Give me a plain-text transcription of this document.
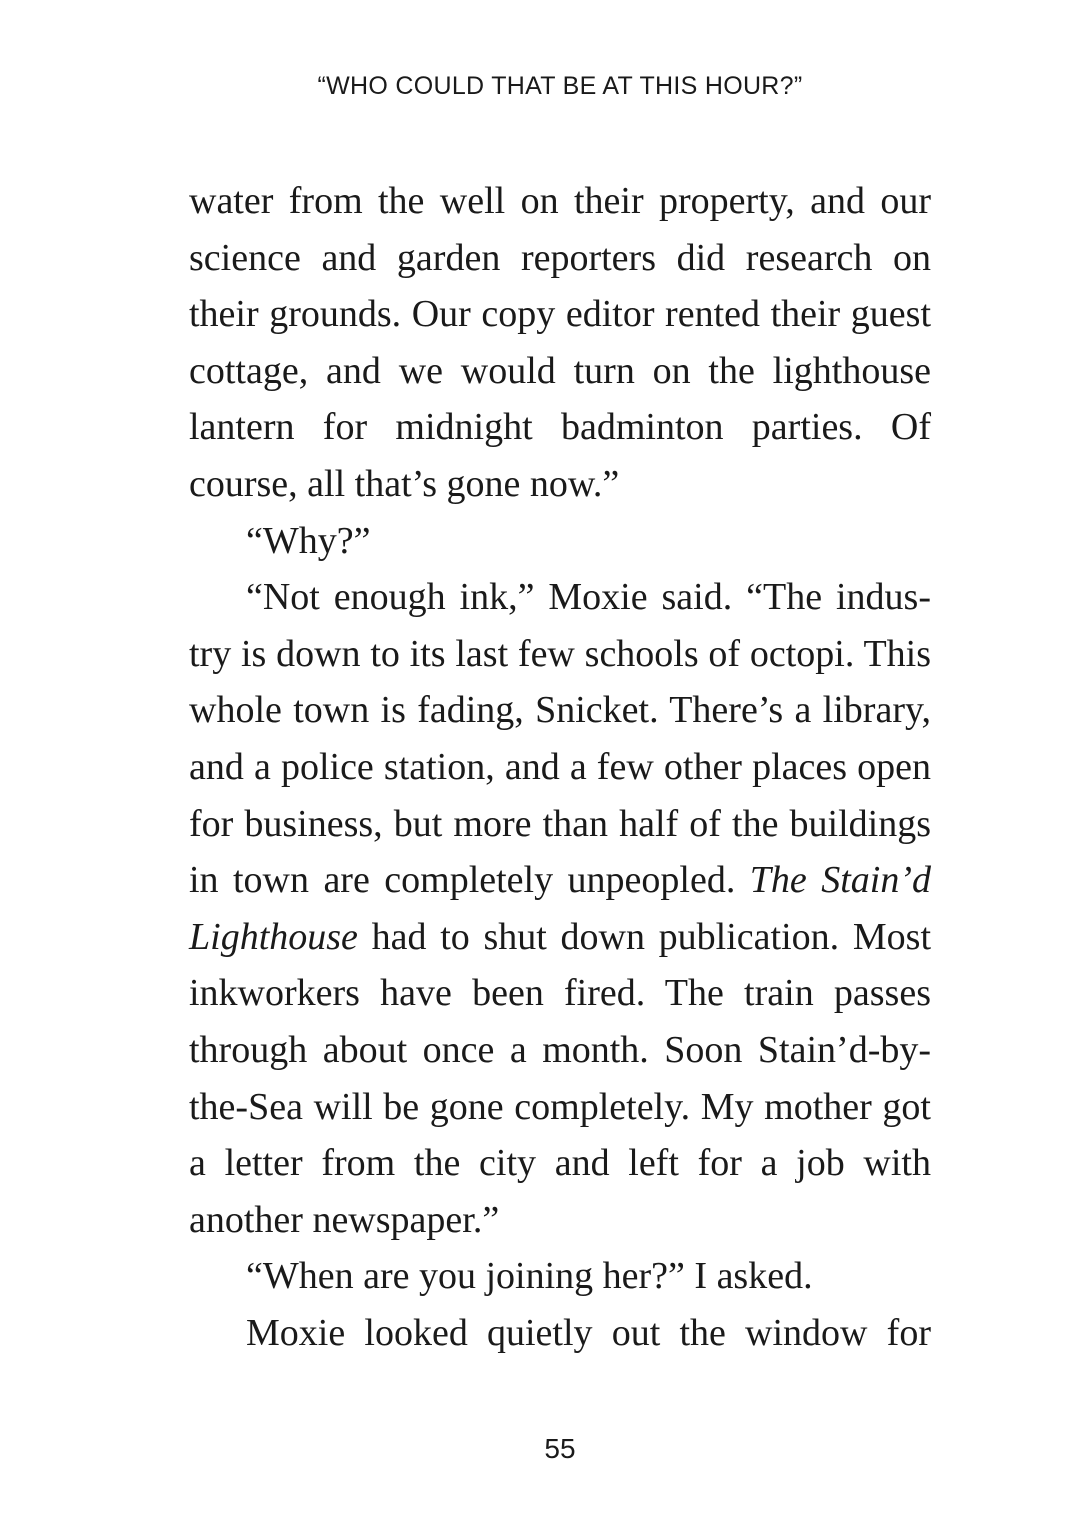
“WHO COULD THAT BE AT THIS HOUR?”

water from the well on their property, and our science and garden reporters did research on their grounds. Our copy editor rented their guest cottage, and we would turn on the lighthouse lantern for midnight badminton parties. Of course, all that’s gone now.”

“Why?”

“Not enough ink,” Moxie said. “The industry is down to its last few schools of octopi. This whole town is fading, Snicket. There’s a library, and a police station, and a few other places open for business, but more than half of the buildings in town are completely unpeopled. The Stain’d Lighthouse had to shut down publication. Most inkworkers have been fired. The train passes through about once a month. Soon Stain’d-by-the-Sea will be gone completely. My mother got a letter from the city and left for a job with another newspaper.”

“When are you joining her?” I asked.

Moxie looked quietly out the window for

55
